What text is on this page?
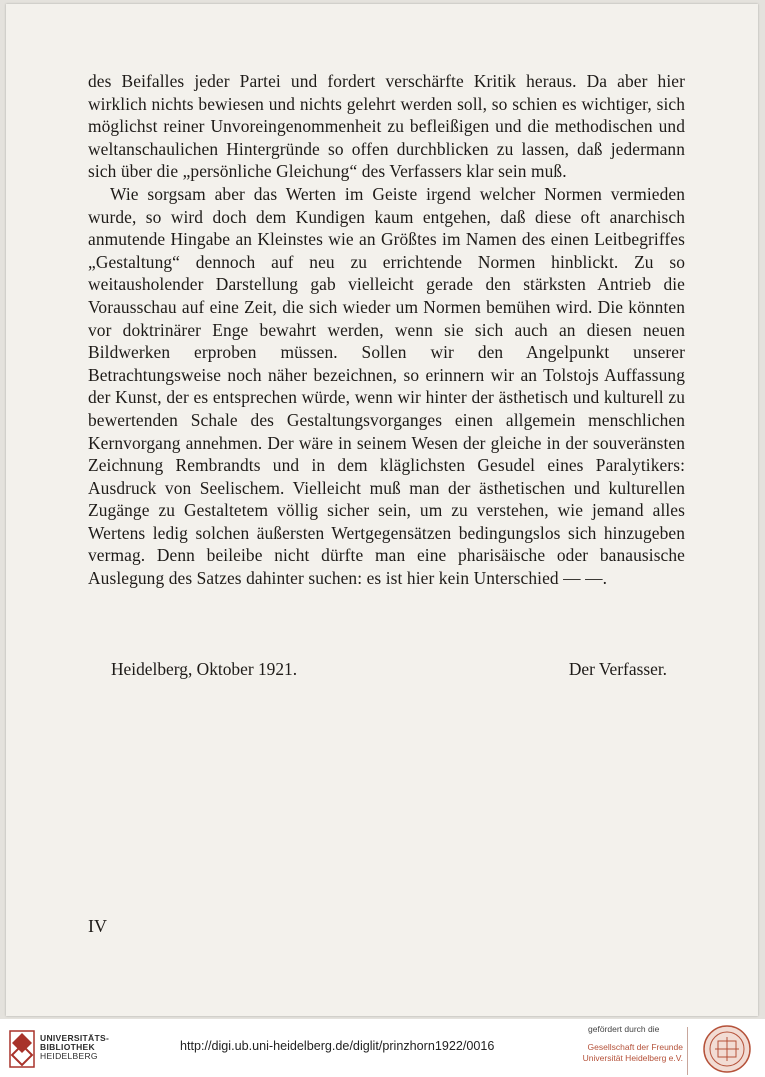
des Beifalles jeder Partei und fordert verschärfte Kritik heraus. Da aber hier wirklich nichts bewiesen und nichts gelehrt werden soll, so schien es wichtiger, sich möglichst reiner Unvoreingenommenheit zu befleißigen und die methodischen und weltanschaulichen Hintergründe so offen durchblicken zu lassen, daß jedermann sich über die „persönliche Gleichung“ des Verfassers klar sein muß.

Wie sorgsam aber das Werten im Geiste irgend welcher Normen vermieden wurde, so wird doch dem Kundigen kaum entgehen, daß diese oft anarchisch anmutende Hingabe an Kleinstes wie an Größtes im Namen des einen Leitbegriffes „Gestaltung“ dennoch auf neu zu errichtende Normen hinblickt. Zu so weitausholender Darstellung gab vielleicht gerade den stärksten Antrieb die Vorausschau auf eine Zeit, die sich wieder um Normen bemühen wird. Die könnten vor doktrinärer Enge bewahrt werden, wenn sie sich auch an diesen neuen Bildwerken erproben müssen. Sollen wir den Angelpunkt unserer Betrachtungsweise noch näher bezeichnen, so erinnern wir an Tolstojs Auffassung der Kunst, der es entsprechen würde, wenn wir hinter der ästhetisch und kulturell zu bewertenden Schale des Gestaltungsvorganges einen allgemein menschlichen Kernvorgang annehmen. Der wäre in seinem Wesen der gleiche in der souveränsten Zeichnung Rembrandts und in dem kläglichsten Gesudel eines Paralytikers: Ausdruck von Seelischem. Vielleicht muß man der ästhetischen und kulturellen Zugänge zu Gestaltetem völlig sicher sein, um zu verstehen, wie jemand alles Wertens ledig solchen äußersten Wertgegensätzen bedingungslos sich hinzugeben vermag. Denn beileibe nicht dürfte man eine pharisäische oder banausische Auslegung des Satzes dahinter suchen: es ist hier kein Unterschied — —.

Heidelberg, Oktober 1921.	Der Verfasser.
IV
UNIVERSITÄTS-
BIBLIOTHEK
HEIDELBERG
http://digi.ub.uni-heidelberg.de/diglit/prinzhorn1922/0016
gefördert durch die
Gesellschaft der Freunde
Universität Heidelberg e.V.
